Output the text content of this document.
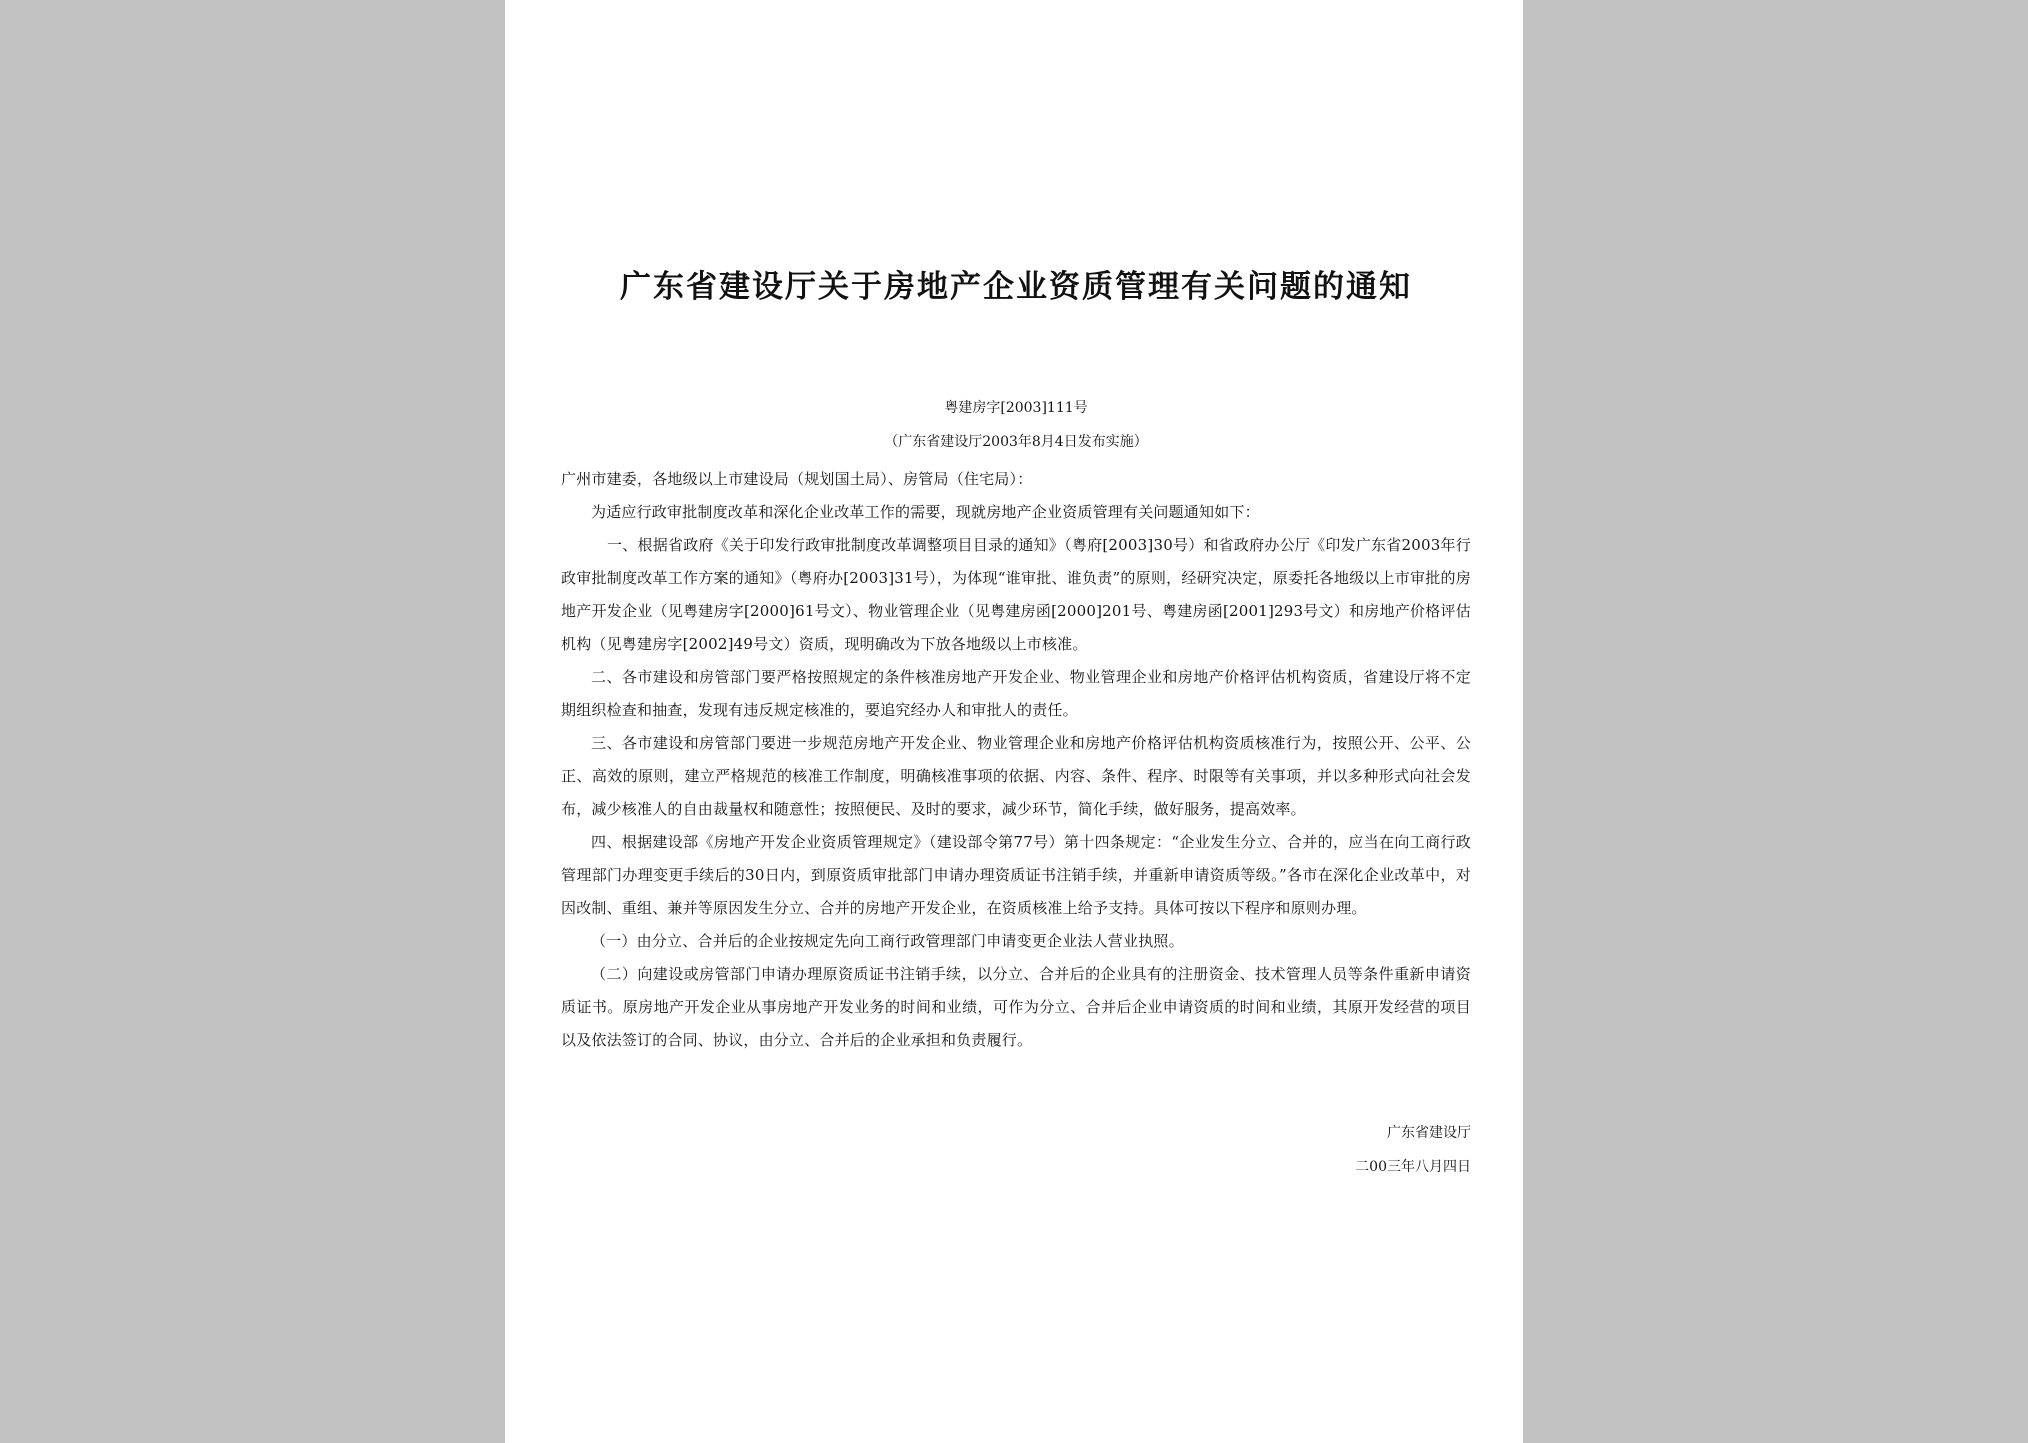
广东省建设厅关于房地产企业资质管理有关问题的通知
粤建房字[2003]111号
（广东省建设厅2003年8月4日发布实施）

广州市建委，各地级以上市建设局（规划国土局）、房管局（住宅局）：

为适应行政审批制度改革和深化企业改革工作的需要，现就房地产企业资质管理有关问题通知如下：

一、根据省政府《关于印发行政审批制度改革调整项目目录的通知》（粤府[2003]30号）和省政府办公厅《印发广东省2003年行政审批制度改革工作方案的通知》（粤府办[2003]31号），为体现“谁审批、谁负责”的原则，经研究决定，原委托各地级以上市审批的房地产开发企业（见粤建房字[2000]61号文）、物业管理企业（见粤建房函[2000]201号、粤建房函[2001]293号文）和房地产价格评估机构（见粤建房字[2002]49号文）资质，现明确改为下放各地级以上市核准。

二、各市建设和房管部门要严格按照规定的条件核准房地产开发企业、物业管理企业和房地产价格评估机构资质，省建设厅将不定期组织检查和抽查，发现有违反规定核准的，要追究经办人和审批人的责任。

三、各市建设和房管部门要进一步规范房地产开发企业、物业管理企业和房地产价格评估机构资质核准行为，按照公开、公平、公正、高效的原则，建立严格规范的核准工作制度，明确核准事项的依据、内容、条件、程序、时限等有关事项，并以多种形式向社会发布，减少核准人的自由裁量权和随意性；按照便民、及时的要求，减少环节，简化手续，做好服务，提高效率。

四、根据建设部《房地产开发企业资质管理规定》（建设部令第77号）第十四条规定：“企业发生分立、合并的，应当在向工商行政管理部门办理变更手续后的30日内，到原资质审批部门申请办理资质证书注销手续，并重新申请资质等级。”各市在深化企业改革中，对因改制、重组、兼并等原因发生分立、合并的房地产开发企业，在资质核准上给予支持。具体可按以下程序和原则办理。

（一）由分立、合并后的企业按规定先向工商行政管理部门申请变更企业法人营业执照。

（二）向建设或房管部门申请办理原资质证书注销手续，以分立、合并后的企业具有的注册资金、技术管理人员等条件重新申请资质证书。原房地产开发企业从事房地产开发业务的时间和业绩，可作为分立、合并后企业申请资质的时间和业绩，其原开发经营的项目以及依法签订的合同、协议，由分立、合并后的企业承担和负责履行。

广东省建设厅
二00三年八月四日
